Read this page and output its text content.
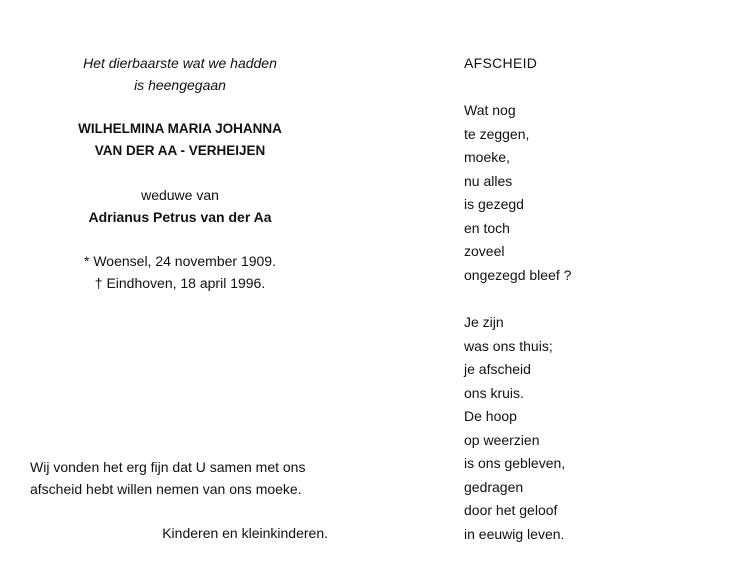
Het dierbaarste wat we hadden
is heengegaan
WILHELMINA MARIA JOHANNA
VAN DER AA - VERHEIJEN
weduwe van
Adrianus Petrus van der Aa
* Woensel, 24 november 1909.
† Eindhoven, 18 april 1996.
Wij vonden het erg fijn dat U samen met ons
afscheid hebt willen nemen van ons moeke.
Kinderen en kleinkinderen.
AFSCHEID
Wat nog
te zeggen,
moeke,
nu alles
is gezegd
en toch
zoveel
ongezegd bleef ?
Je zijn
was ons thuis;
je afscheid
ons kruis.
De hoop
op weerzien
is ons gebleven,
gedragen
door het geloof
in eeuwig leven.
